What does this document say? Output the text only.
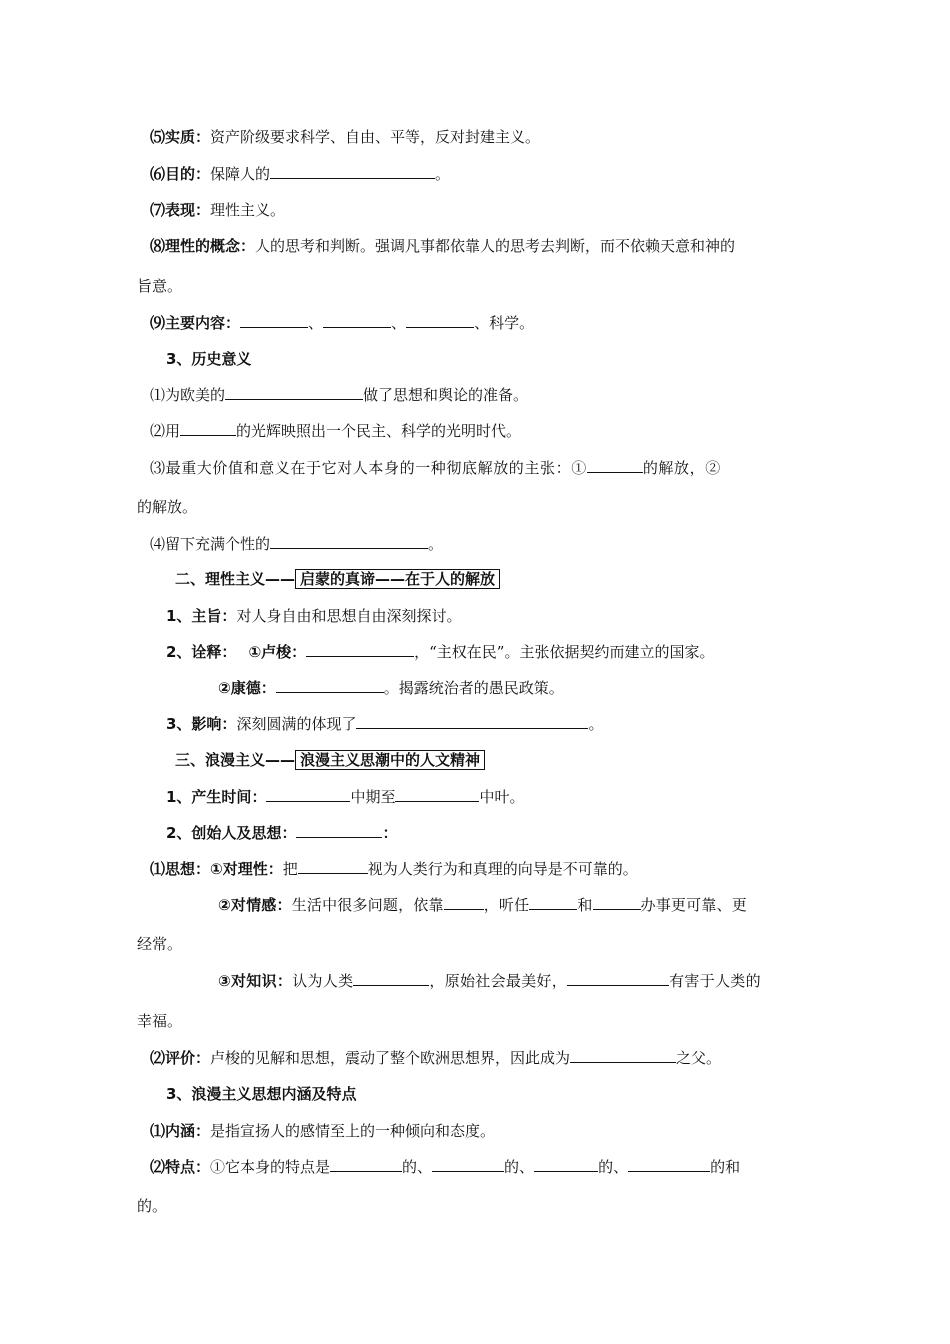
⑸实质：资产阶级要求科学、自由、平等，反对封建主义。
⑹目的：保障人的	。
⑺表现：理性主义。
⑻理性的概念：人的思考和判断。强调凡事都依靠人的思考去判断，而不依赖天意和神的
旨意。
⑼主要内容：	、	、	、科学。
3、历史意义
⑴为欧美的	做了思想和舆论的准备。
⑵用	的光辉映照出一个民主、科学的光明时代。
⑶最重大价值和意义在于它对人本身的一种彻底解放的主张：①	的解放，②
的解放。
⑷留下充满个性的	。
二、理性主义—— 启蒙的真谛——在于人的解放
1、主旨：对人身自由和思想自由深刻探讨。
2、诠释： ①卢梭：	，“主权在民”。主张依据契约而建立的国家。
②康德：	。揭露统治者的愚民政策。
3、影响：深刻圆满的体现了	。
三、浪漫主义—— 浪漫主义思潮中的人文精神
1、产生时间：	中期至	中叶。
2、创始人及思想：	：
⑴思想：①对理性：把	视为人类行为和真理的向导是不可靠的。
②对情感：生活中很多问题，依靠	，听任	和	办事更可靠、更
经常。
③对知识：认为人类	，原始社会最美好，	有害于人类的
幸福。
⑵评价：卢梭的见解和思想，震动了整个欧洲思想界，因此成为	之父。
3、浪漫主义思想内涵及特点
⑴内涵：是指宣扬人的感情至上的一种倾向和态度。
⑵特点：①它本身的特点是	的、	的、	的、	的和
的。
